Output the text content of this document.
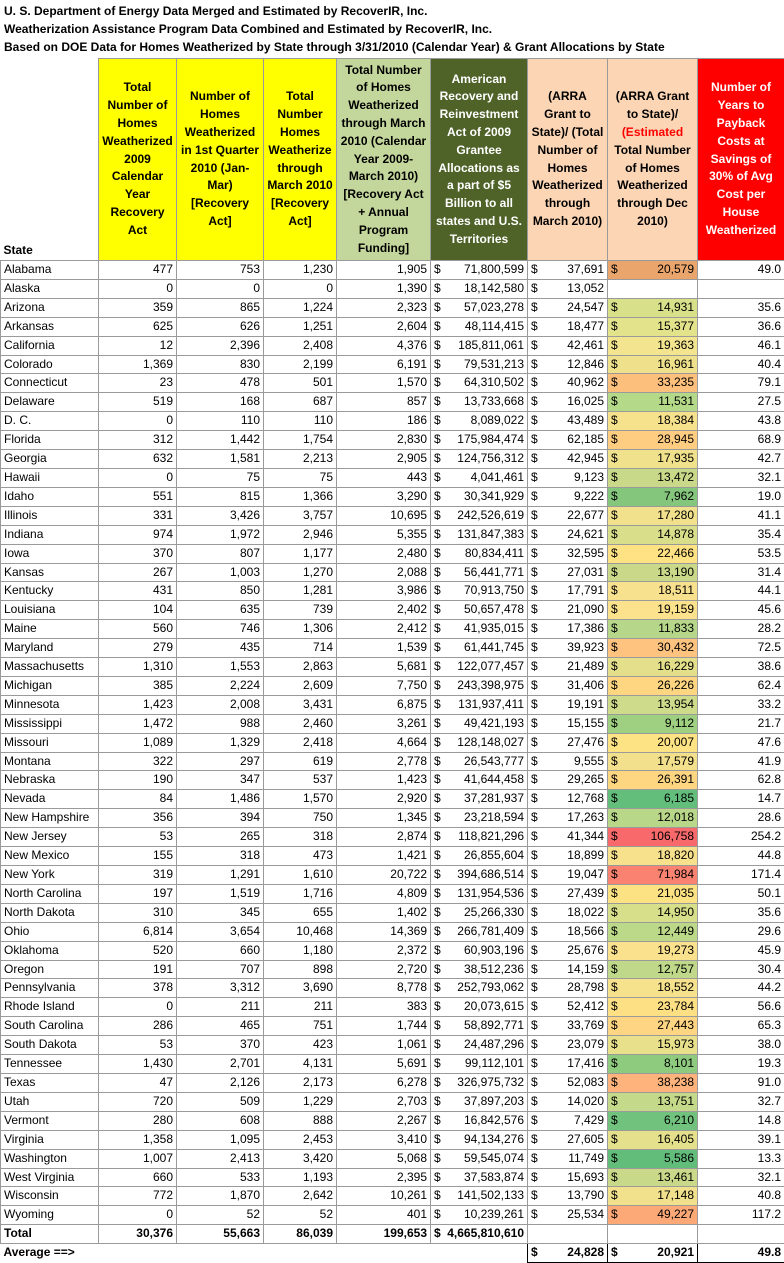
U. S. Department of Energy Data Merged and Estimated by RecoverIR, Inc.
Weatherization Assistance Program Data Combined and Estimated by RecoverIR, Inc.
Based on DOE Data for Homes Weatherized by State through 3/31/2010 (Calendar Year) & Grant Allocations by State
State	Total Number of Homes Weatherized 2009 Calendar Year Recovery Act	Number of Homes Weatherized in 1st Quarter 2010 (Jan-Mar) [Recovery Act]	Total Number Homes Weatherize through March 2010 [Recovery Act]	Total Number of Homes Weatherized through March 2010 (Calendar Year 2009-March 2010) [Recovery Act + Annual Program Funding]	American Recovery and Reinvestment Act of 2009 Grantee Allocations as a part of $5 Billion to all states and U.S. Territories	(ARRA Grant to State)/ (Total Number of Homes Weatherized through March 2010)	(ARRA Grant to State)/ (Estimated Total Number of Homes Weatherized through Dec 2010)	Number of Years to Payback Costs at Savings of 30% of Avg Cost per House Weatherized
Alabama	477	753	1,230	1,905	$ 71,800,599	$ 37,691	$ 20,579	49.0
Alaska	0	0	0	1,390	$ 18,142,580	$ 13,052		
Arizona	359	865	1,224	2,323	$ 57,023,278	$ 24,547	$ 14,931	35.6
Arkansas	625	626	1,251	2,604	$ 48,114,415	$ 18,477	$ 15,377	36.6
California	12	2,396	2,408	4,376	$ 185,811,061	$ 42,461	$ 19,363	46.1
Colorado	1,369	830	2,199	6,191	$ 79,531,213	$ 12,846	$ 16,961	40.4
Connecticut	23	478	501	1,570	$ 64,310,502	$ 40,962	$ 33,235	79.1
Delaware	519	168	687	857	$ 13,733,668	$ 16,025	$ 11,531	27.5
D. C.	0	110	110	186	$ 8,089,022	$ 43,489	$ 18,384	43.8
Florida	312	1,442	1,754	2,830	$ 175,984,474	$ 62,185	$ 28,945	68.9
Georgia	632	1,581	2,213	2,905	$ 124,756,312	$ 42,945	$ 17,935	42.7
Hawaii	0	75	75	443	$ 4,041,461	$ 9,123	$ 13,472	32.1
Idaho	551	815	1,366	3,290	$ 30,341,929	$ 9,222	$ 7,962	19.0
Illinois	331	3,426	3,757	10,695	$ 242,526,619	$ 22,677	$ 17,280	41.1
Indiana	974	1,972	2,946	5,355	$ 131,847,383	$ 24,621	$ 14,878	35.4
Iowa	370	807	1,177	2,480	$ 80,834,411	$ 32,595	$ 22,466	53.5
Kansas	267	1,003	1,270	2,088	$ 56,441,771	$ 27,031	$ 13,190	31.4
Kentucky	431	850	1,281	3,986	$ 70,913,750	$ 17,791	$ 18,511	44.1
Louisiana	104	635	739	2,402	$ 50,657,478	$ 21,090	$ 19,159	45.6
Maine	560	746	1,306	2,412	$ 41,935,015	$ 17,386	$ 11,833	28.2
Maryland	279	435	714	1,539	$ 61,441,745	$ 39,923	$ 30,432	72.5
Massachusetts	1,310	1,553	2,863	5,681	$ 122,077,457	$ 21,489	$ 16,229	38.6
Michigan	385	2,224	2,609	7,750	$ 243,398,975	$ 31,406	$ 26,226	62.4
Minnesota	1,423	2,008	3,431	6,875	$ 131,937,411	$ 19,191	$ 13,954	33.2
Mississippi	1,472	988	2,460	3,261	$ 49,421,193	$ 15,155	$ 9,112	21.7
Missouri	1,089	1,329	2,418	4,664	$ 128,148,027	$ 27,476	$ 20,007	47.6
Montana	322	297	619	2,778	$ 26,543,777	$ 9,555	$ 17,579	41.9
Nebraska	190	347	537	1,423	$ 41,644,458	$ 29,265	$ 26,391	62.8
Nevada	84	1,486	1,570	2,920	$ 37,281,937	$ 12,768	$ 6,185	14.7
New Hampshire	356	394	750	1,345	$ 23,218,594	$ 17,263	$ 12,018	28.6
New Jersey	53	265	318	2,874	$ 118,821,296	$ 41,344	$ 106,758	254.2
New Mexico	155	318	473	1,421	$ 26,855,604	$ 18,899	$ 18,820	44.8
New York	319	1,291	1,610	20,722	$ 394,686,514	$ 19,047	$ 71,984	171.4
North Carolina	197	1,519	1,716	4,809	$ 131,954,536	$ 27,439	$ 21,035	50.1
North Dakota	310	345	655	1,402	$ 25,266,330	$ 18,022	$ 14,950	35.6
Ohio	6,814	3,654	10,468	14,369	$ 266,781,409	$ 18,566	$ 12,449	29.6
Oklahoma	520	660	1,180	2,372	$ 60,903,196	$ 25,676	$ 19,273	45.9
Oregon	191	707	898	2,720	$ 38,512,236	$ 14,159	$ 12,757	30.4
Pennsylvania	378	3,312	3,690	8,778	$ 252,793,062	$ 28,798	$ 18,552	44.2
Rhode Island	0	211	211	383	$ 20,073,615	$ 52,412	$ 23,784	56.6
South Carolina	286	465	751	1,744	$ 58,892,771	$ 33,769	$ 27,443	65.3
South Dakota	53	370	423	1,061	$ 24,487,296	$ 23,079	$ 15,973	38.0
Tennessee	1,430	2,701	4,131	5,691	$ 99,112,101	$ 17,416	$ 8,101	19.3
Texas	47	2,126	2,173	6,278	$ 326,975,732	$ 52,083	$ 38,238	91.0
Utah	720	509	1,229	2,703	$ 37,897,203	$ 14,020	$ 13,751	32.7
Vermont	280	608	888	2,267	$ 16,842,576	$ 7,429	$ 6,210	14.8
Virginia	1,358	1,095	2,453	3,410	$ 94,134,276	$ 27,605	$ 16,405	39.1
Washington	1,007	2,413	3,420	5,068	$ 59,545,074	$ 11,749	$ 5,586	13.3
West Virginia	660	533	1,193	2,395	$ 37,583,874	$ 15,693	$ 13,461	32.1
Wisconsin	772	1,870	2,642	10,261	$ 141,502,133	$ 13,790	$ 17,148	40.8
Wyoming	0	52	52	401	$ 10,239,261	$ 25,534	$ 49,227	117.2
Total	30,376	55,663	86,039	199,653	$ 4,665,810,610			
Average ==>						$ 24,828	$ 20,921	49.8
